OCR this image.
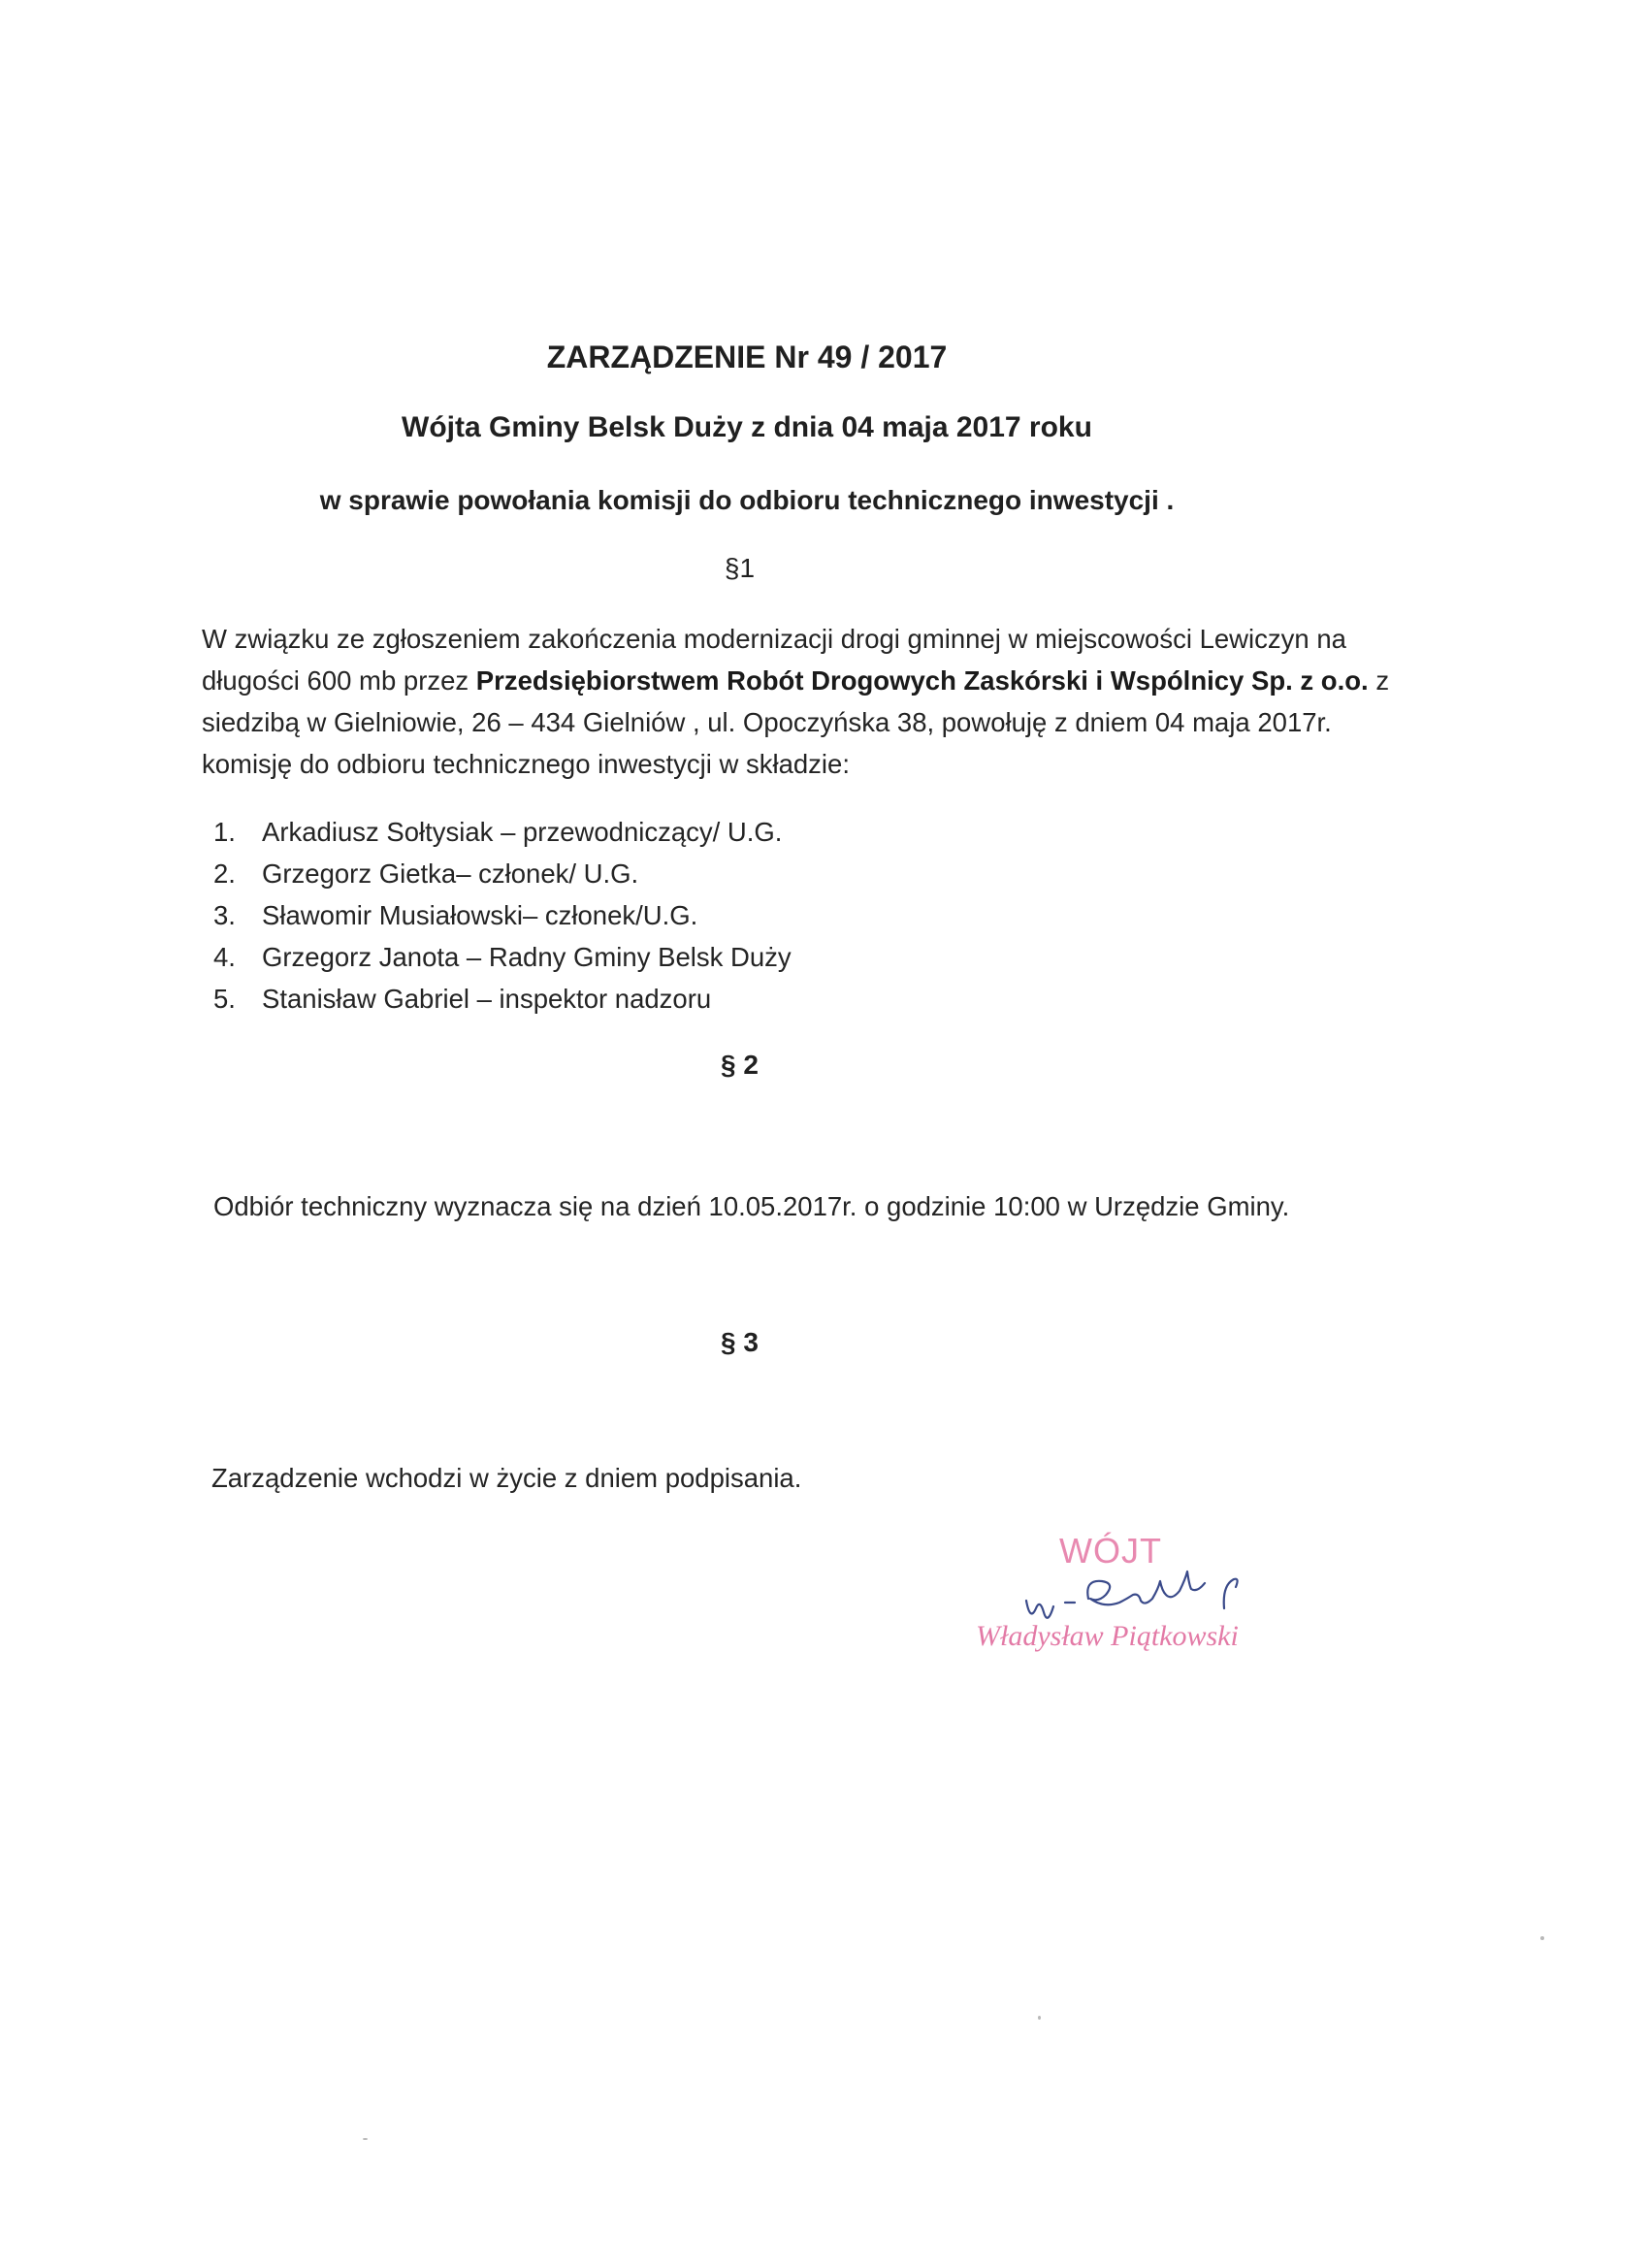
ZARZĄDZENIE Nr 49 / 2017
Wójta Gminy Belsk Duży z dnia 04 maja 2017 roku
w sprawie powołania komisji do odbioru technicznego inwestycji .
§1
W związku ze zgłoszeniem zakończenia modernizacji drogi gminnej w miejscowości Lewiczyn na
długości 600 mb przez Przedsiębiorstwem Robót Drogowych Zaskórski i Wspólnicy Sp. z o.o. z
siedzibą w Gielniowie, 26 – 434 Gielniów , ul. Opoczyńska 38, powołuję z dniem 04 maja 2017r.
komisję do odbioru technicznego inwestycji w składzie:
1. Arkadiusz Sołtysiak – przewodniczący/ U.G.
2. Grzegorz Gietka– członek/ U.G.
3. Sławomir Musiałowski– członek/U.G.
4. Grzegorz Janota – Radny Gminy Belsk Duży
5. Stanisław Gabriel – inspektor nadzoru
§ 2
Odbiór techniczny wyznacza się na dzień 10.05.2017r. o godzinie 10:00 w Urzędzie Gminy.
§ 3
Zarządzenie wchodzi w życie z dniem podpisania.
WÓJT
Władysław Piątkowski
